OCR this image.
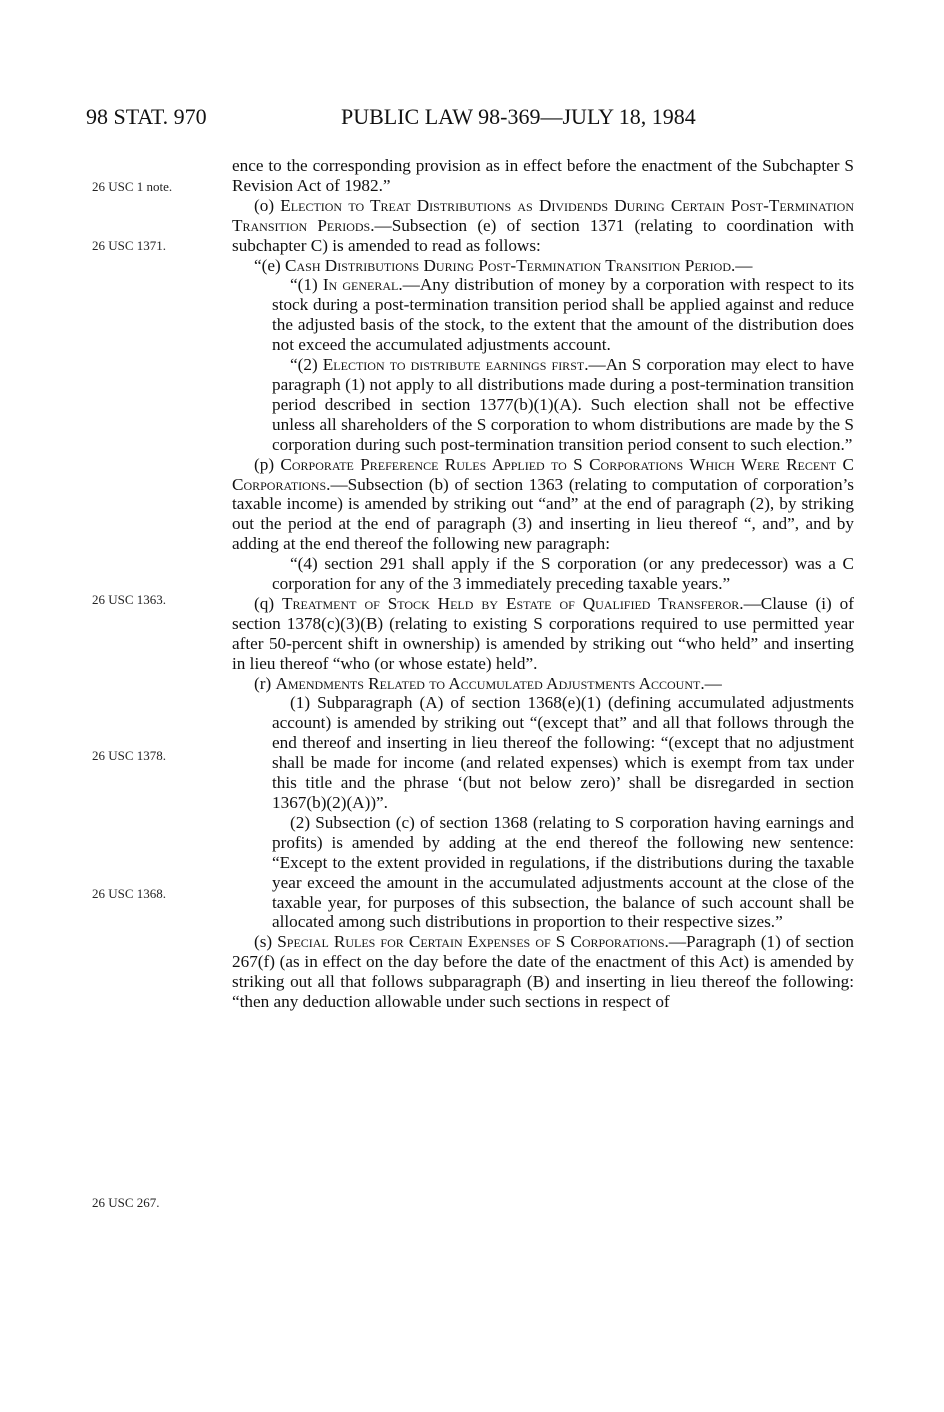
98 STAT. 970	PUBLIC LAW 98-369—JULY 18, 1984
26 USC 1 note.
26 USC 1371.
26 USC 1363.
26 USC 1378.
26 USC 1368.
26 USC 267.

ence to the corresponding provision as in effect before the enactment of the Subchapter S Revision Act of 1982.”

(o) Election to Treat Distributions as Dividends During Certain Post-Termination Transition Periods.—Subsection (e) of section 1371 (relating to coordination with subchapter C) is amended to read as follows:

“(e) Cash Distributions During Post-Termination Transition Period.—

“(1) In general.—Any distribution of money by a corporation with respect to its stock during a post-termination transition period shall be applied against and reduce the adjusted basis of the stock, to the extent that the amount of the distribution does not exceed the accumulated adjustments account.

“(2) Election to distribute earnings first.—An S corporation may elect to have paragraph (1) not apply to all distributions made during a post-termination transition period described in section 1377(b)(1)(A). Such election shall not be effective unless all shareholders of the S corporation to whom distributions are made by the S corporation during such post-termination transition period consent to such election.”

(p) Corporate Preference Rules Applied to S Corporations Which Were Recent C Corporations.—Subsection (b) of section 1363 (relating to computation of corporation’s taxable income) is amended by striking out “and” at the end of paragraph (2), by striking out the period at the end of paragraph (3) and inserting in lieu thereof “, and”, and by adding at the end thereof the following new paragraph:

“(4) section 291 shall apply if the S corporation (or any predecessor) was a C corporation for any of the 3 immediately preceding taxable years.”

(q) Treatment of Stock Held by Estate of Qualified Transferor.—Clause (i) of section 1378(c)(3)(B) (relating to existing S corporations required to use permitted year after 50-percent shift in ownership) is amended by striking out “who held” and inserting in lieu thereof “who (or whose estate) held”.

(r) Amendments Related to Accumulated Adjustments Account.—

(1) Subparagraph (A) of section 1368(e)(1) (defining accumulated adjustments account) is amended by striking out “(except that” and all that follows through the end thereof and inserting in lieu thereof the following: “(except that no adjustment shall be made for income (and related expenses) which is exempt from tax under this title and the phrase ‘(but not below zero)’ shall be disregarded in section 1367(b)(2)(A))”.

(2) Subsection (c) of section 1368 (relating to S corporation having earnings and profits) is amended by adding at the end thereof the following new sentence: “Except to the extent provided in regulations, if the distributions during the taxable year exceed the amount in the accumulated adjustments account at the close of the taxable year, for purposes of this subsection, the balance of such account shall be allocated among such distributions in proportion to their respective sizes.”

(s) Special Rules for Certain Expenses of S Corporations.—Paragraph (1) of section 267(f) (as in effect on the day before the date of the enactment of this Act) is amended by striking out all that follows subparagraph (B) and inserting in lieu thereof the following: “then any deduction allowable under such sections in respect of
